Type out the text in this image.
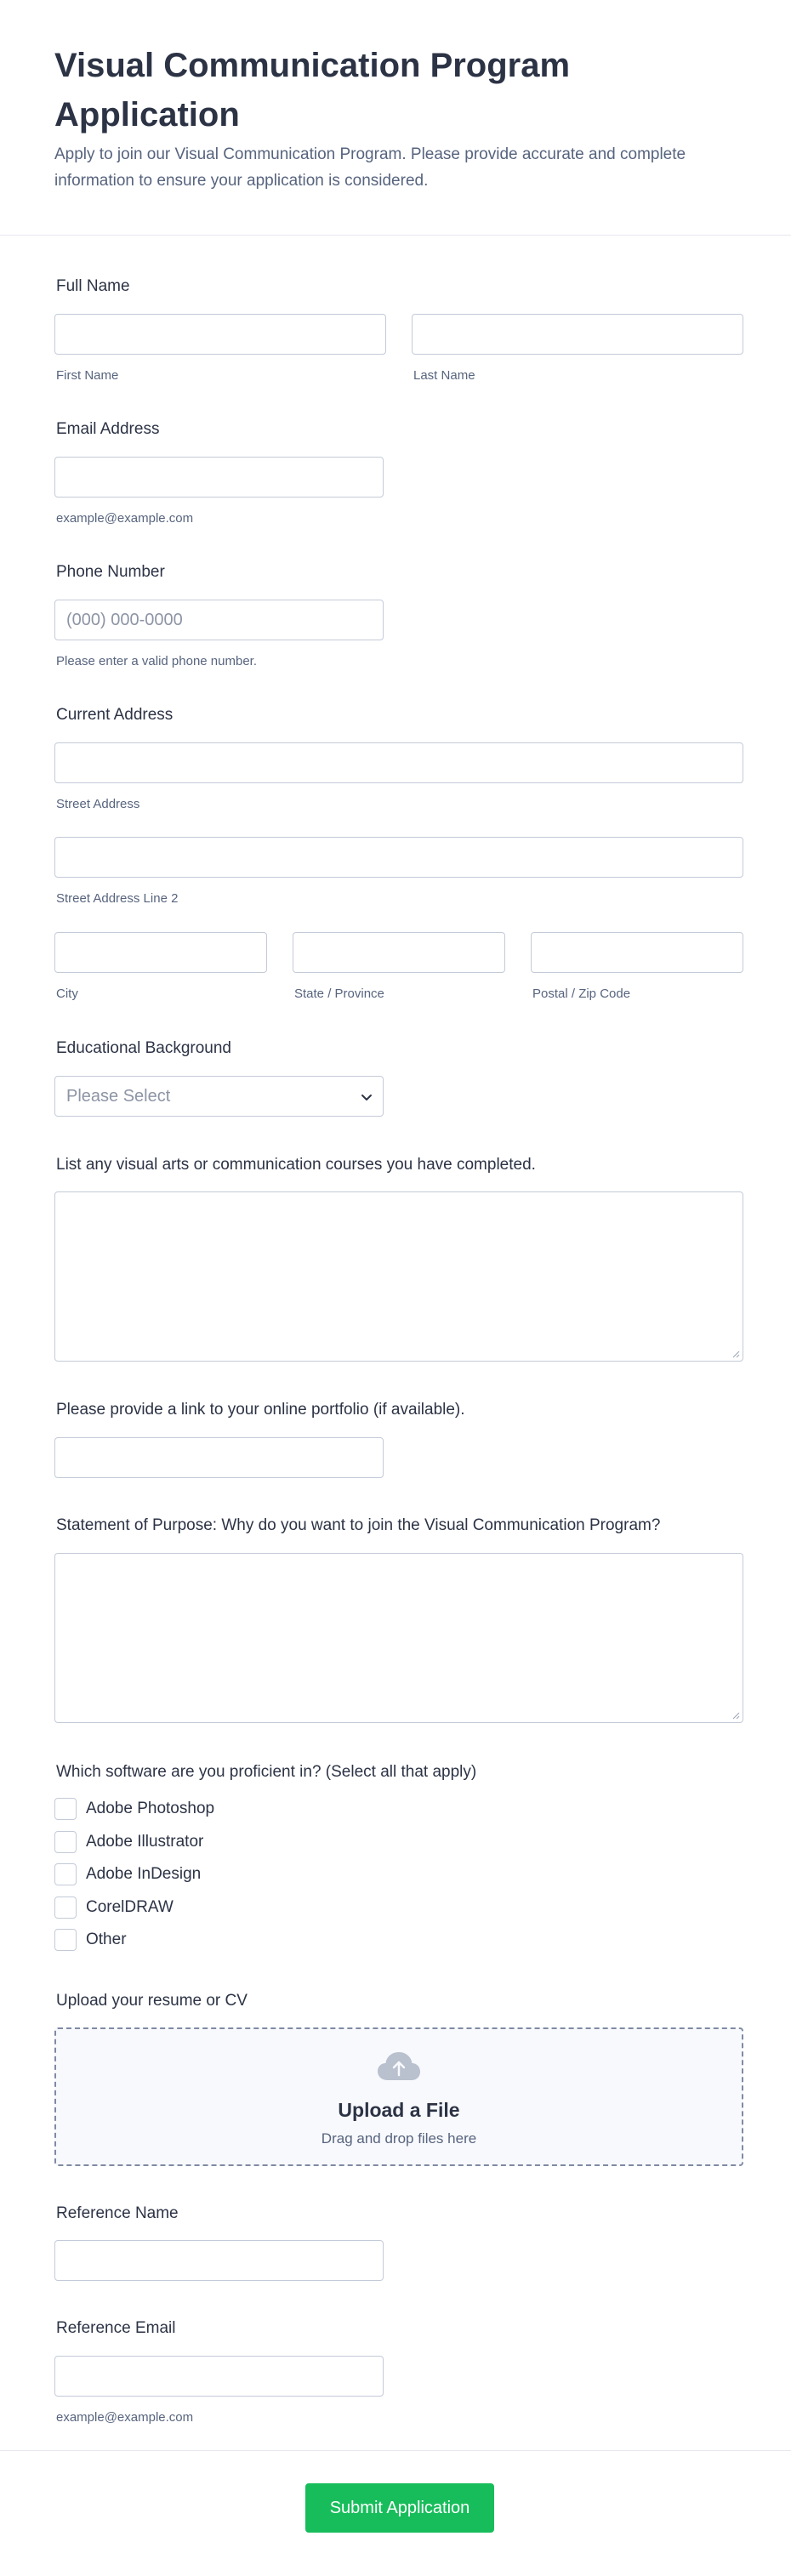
Visual Communication Program Application

Apply to join our Visual Communication Program. Please provide accurate and complete information to ensure your application is considered.

Full Name
First Name	Last Name
Email Address
example@example.com
Phone Number
(000) 000-0000
Please enter a valid phone number.
Current Address
Street Address
Street Address Line 2
City	State / Province	Postal / Zip Code
Educational Background
Please Select
List any visual arts or communication courses you have completed.
Please provide a link to your online portfolio (if available).
Statement of Purpose: Why do you want to join the Visual Communication Program?
Which software are you proficient in? (Select all that apply)
Adobe Photoshop
Adobe Illustrator
Adobe InDesign
CorelDRAW
Other
Upload your resume or CV
Upload a File
Drag and drop files here
Reference Name
Reference Email
example@example.com
Submit Application
